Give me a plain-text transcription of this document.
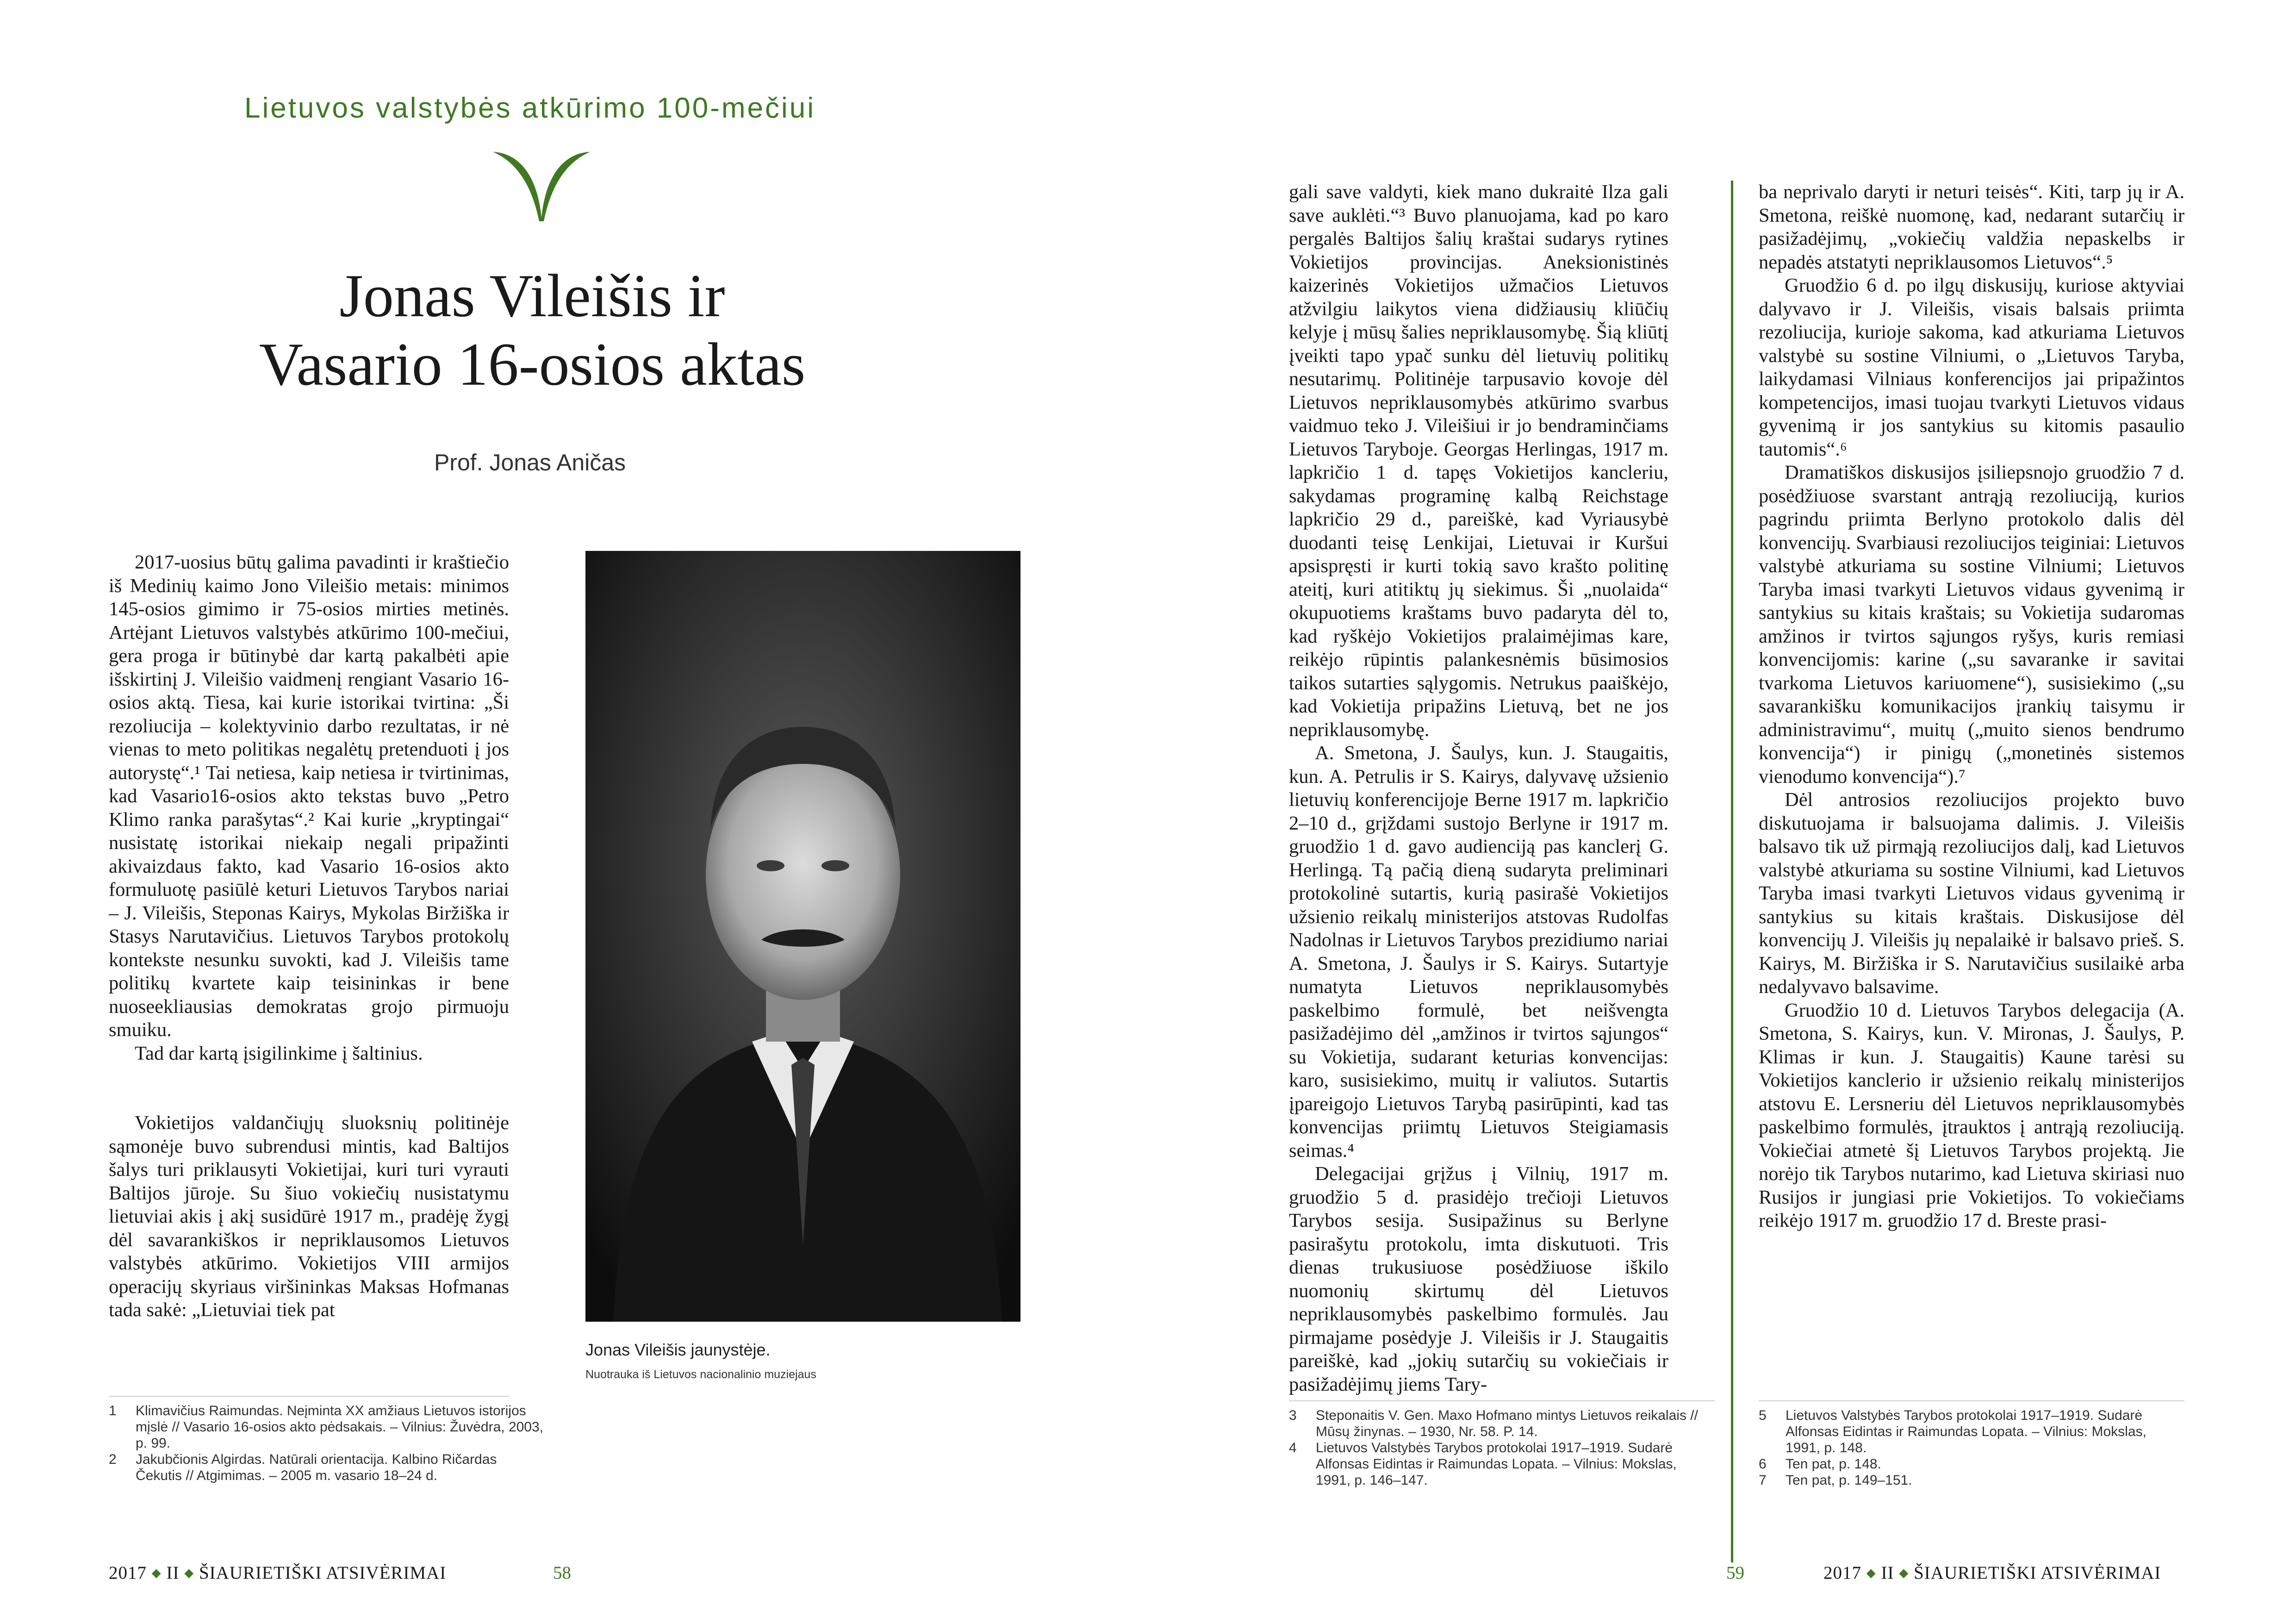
Lietuvos valstybės atkūrimo 100-mečiui
Jonas Vileišis ir
Vasario 16-osios aktas
Prof. Jonas Aničas

2017-uosius būtų galima pavadinti ir kraštiečio iš Medinių kaimo Jono Vileišio metais: minimos 145-osios gimimo ir 75-osios mirties metinės. Artėjant Lietuvos valstybės atkūrimo 100-mečiui, gera proga ir būtinybė dar kartą pakalbėti apie išskirtinį J. Vileišio vaidmenį rengiant Vasario 16-osios aktą. Tiesa, kai kurie istorikai tvirtina: „Ši rezoliucija – kolektyvinio darbo rezultatas, ir nė vienas to meto politikas negalėtų pretenduoti į jos autorystę“.¹ Tai netiesa, kaip netiesa ir tvirtinimas, kad Vasario16-osios akto tekstas buvo „Petro Klimo ranka parašytas“.² Kai kurie „kryptingai“ nusistatę istorikai niekaip negali pripažinti akivaizdaus fakto, kad Vasario 16-osios akto formuluotę pasiūlė keturi Lietuvos Tarybos nariai – J. Vileišis, Steponas Kairys, Mykolas Biržiška ir Stasys Narutavičius. Lietuvos Tarybos protokolų kontekste nesunku suvokti, kad J. Vileišis tame politikų kvartete kaip teisininkas ir bene nuoseekliausias demokratas grojo pirmuoju smuiku.

Tad dar kartą įsigilinkime į šaltinius.

Vokietijos valdančiųjų sluoksnių politinėje sąmonėje buvo subrendusi mintis, kad Baltijos šalys turi priklausyti Vokietijai, kuri turi vyrauti Baltijos jūroje. Su šiuo vokiečių nusistatymu lietuviai akis į akį susidūrė 1917 m., pradėję žygį dėl savarankiškos ir nepriklausomos Lietuvos valstybės atkūrimo. Vokietijos VIII armijos operacijų skyriaus viršininkas Maksas Hofmanas tada sakė: „Lietuviai tiek pat

Jonas Vileišis jaunystėje.
Nuotrauka iš Lietuvos nacionalinio muziejaus
1	Klimavičius Raimundas. Neįminta XX amžiaus Lietuvos istorijos mįslė // Vasario 16-osios akto pėdsakais. – Vilnius: Žuvėdra, 2003, p. 99.
2	Jakubčionis Algirdas. Natūrali orientacija. Kalbino Ričardas Čekutis // Atgimimas. – 2005 m. vasario 18–24 d.
2017 ◆ II ◆ ŠIAURIETIŠKI ATSIVĖRIMAI	58

gali save valdyti, kiek mano dukraitė Ilza gali save auklėti.“³ Buvo planuojama, kad po karo pergalės Baltijos šalių kraštai sudarys rytines Vokietijos provincijas. Aneksionistinės kaizerinės Vokietijos užmačios Lietuvos atžvilgiu laikytos viena didžiausių kliūčių kelyje į mūsų šalies nepriklausomybę. Šią kliūtį įveikti tapo ypač sunku dėl lietuvių politikų nesutarimų. Politinėje tarpusavio kovoje dėl Lietuvos nepriklausomybės atkūrimo svarbus vaidmuo teko J. Vileišiui ir jo bendraminčiams Lietuvos Taryboje. Georgas Herlingas, 1917 m. lapkričio 1 d. tapęs Vokietijos kancleriu, sakydamas programinę kalbą Reichstage lapkričio 29 d., pareiškė, kad Vyriausybė duodanti teisę Lenkijai, Lietuvai ir Kuršui apsispręsti ir kurti tokią savo krašto politinę ateitį, kuri atitiktų jų siekimus. Ši „nuolaida“ okupuotiems kraštams buvo padaryta dėl to, kad ryškėjo Vokietijos pralaimėjimas kare, reikėjo rūpintis palankesnėmis būsimosios taikos sutarties sąlygomis. Netrukus paaiškėjo, kad Vokietija pripažins Lietuvą, bet ne jos nepriklausomybę.

A. Smetona, J. Šaulys, kun. J. Staugaitis, kun. A. Petrulis ir S. Kairys, dalyvavę užsienio lietuvių konferencijoje Berne 1917 m. lapkričio 2–10 d., grįždami sustojo Berlyne ir 1917 m. gruodžio 1 d. gavo audienciją pas kanclerį G. Herlingą. Tą pačią dieną sudaryta preliminari protokolinė sutartis, kurią pasirašė Vokietijos užsienio reikalų ministerijos atstovas Rudolfas Nadolnas ir Lietuvos Tarybos prezidiumo nariai A. Smetona, J. Šaulys ir S. Kairys. Sutartyje numatyta Lietuvos nepriklausomybės paskelbimo formulė, bet neišvengta pasižadėjimo dėl „amžinos ir tvirtos sąjungos“ su Vokietija, sudarant keturias konvencijas: karo, susisiekimo, muitų ir valiutos. Sutartis įpareigojo Lietuvos Tarybą pasirūpinti, kad tas konvencijas priimtų Lietuvos Steigiamasis seimas.⁴

Delegacijai grįžus į Vilnių, 1917 m. gruodžio 5 d. prasidėjo trečioji Lietuvos Tarybos sesija. Susipažinus su Berlyne pasirašytu protokolu, imta diskutuoti. Tris dienas trukusiuose posėdžiuose iškilo nuomonių skirtumų dėl Lietuvos nepriklausomybės paskelbimo formulės. Jau pirmajame posėdyje J. Vileišis ir J. Staugaitis pareiškė, kad „jokių sutarčių su vokiečiais ir pasižadėjimų jiems Tary-

ba neprivalo daryti ir neturi teisės“. Kiti, tarp jų ir A. Smetona, reiškė nuomonę, kad, nedarant sutarčių ir pasižadėjimų, „vokiečių valdžia nepaskelbs ir nepadės atstatyti nepriklausomos Lietuvos“.⁵

Gruodžio 6 d. po ilgų diskusijų, kuriose aktyviai dalyvavo ir J. Vileišis, visais balsais priimta rezoliucija, kurioje sakoma, kad atkuriama Lietuvos valstybė su sostine Vilniumi, o „Lietuvos Taryba, laikydamasi Vilniaus konferencijos jai pripažintos kompetencijos, imasi tuojau tvarkyti Lietuvos vidaus gyvenimą ir jos santykius su kitomis pasaulio tautomis“.⁶

Dramatiškos diskusijos įsiliepsnojo gruodžio 7 d. posėdžiuose svarstant antrąją rezoliuciją, kurios pagrindu priimta Berlyno protokolo dalis dėl konvencijų. Svarbiausi rezoliucijos teiginiai: Lietuvos valstybė atkuriama su sostine Vilniumi; Lietuvos Taryba imasi tvarkyti Lietuvos vidaus gyvenimą ir santykius su kitais kraštais; su Vokietija sudaromas amžinos ir tvirtos sąjungos ryšys, kuris remiasi konvencijomis: karine („su savaranke ir savitai tvarkoma Lietuvos kariuomene“), susisiekimo („su savarankišku komunikacijos įrankių taisymu ir administravimu“, muitų („muito sienos bendrumo konvencija“) ir pinigų („monetinės sistemos vienodumo konvencija“).⁷

Dėl antrosios rezoliucijos projekto buvo diskutuojama ir balsuojama dalimis. J. Vileišis balsavo tik už pirmąją rezoliucijos dalį, kad Lietuvos valstybė atkuriama su sostine Vilniumi, kad Lietuvos Taryba imasi tvarkyti Lietuvos vidaus gyvenimą ir santykius su kitais kraštais. Diskusijose dėl konvencijų J. Vileišis jų nepalaikė ir balsavo prieš. S. Kairys, M. Biržiška ir S. Narutavičius susilaikė arba nedalyvavo balsavime.

Gruodžio 10 d. Lietuvos Tarybos delegacija (A. Smetona, S. Kairys, kun. V. Mironas, J. Šaulys, P. Klimas ir kun. J. Staugaitis) Kaune tarėsi su Vokietijos kanclerio ir užsienio reikalų ministerijos atstovu E. Lersneriu dėl Lietuvos nepriklausomybės paskelbimo formulės, įtrauktos į antrąją rezoliuciją. Vokiečiai atmetė šį Lietuvos Tarybos projektą. Jie norėjo tik Tarybos nutarimo, kad Lietuva skiriasi nuo Rusijos ir jungiasi prie Vokietijos. To vokiečiams reikėjo 1917 m. gruodžio 17 d. Breste prasi-

3	Steponaitis V. Gen. Maxo Hofmano mintys Lietuvos reikalais // Mūsų žinynas. – 1930, Nr. 58. P. 14.
4	Lietuvos Valstybės Tarybos protokolai 1917–1919. Sudarė Alfonsas Eidintas ir Raimundas Lopata. – Vilnius: Mokslas, 1991, p. 146–147.
5	Lietuvos Valstybės Tarybos protokolai 1917–1919. Sudarė Alfonsas Eidintas ir Raimundas Lopata. – Vilnius: Mokslas, 1991, p. 148.
6	Ten pat, p. 148.
7	Ten pat, p. 149–151.
59	2017 ◆ II ◆ ŠIAURIETIŠKI ATSIVĖRIMAI
